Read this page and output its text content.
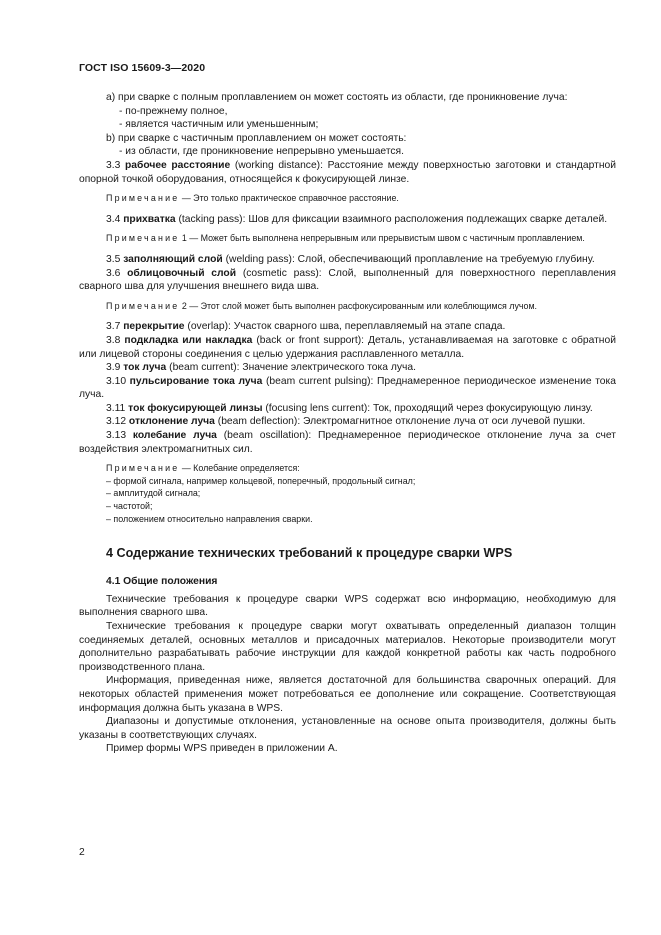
ГОСТ ISO 15609-3—2020

a) при сварке с полным проплавлением он может состоять из области, где проникновение луча:

- по-прежнему полное,

- является частичным или уменьшенным;

b) при сварке с частичным проплавлением он может состоять:

- из области, где проникновение непрерывно уменьшается.

3.3 рабочее расстояние (working distance): Расстояние между поверхностью заготовки и стандартной опорной точкой оборудования, относящейся к фокусирующей линзе.

Примечание — Это только практическое справочное расстояние.

3.4 прихватка (tacking pass): Шов для фиксации взаимного расположения подлежащих сварке деталей.

Примечание 1 — Может быть выполнена непрерывным или прерывистым швом с частичным проплавлением.

3.5 заполняющий слой (welding pass): Слой, обеспечивающий проплавление на требуемую глубину.

3.6 облицовочный слой (cosmetic pass): Слой, выполненный для поверхностного переплавления сварного шва для улучшения внешнего вида шва.

Примечание 2 — Этот слой может быть выполнен расфокусированным или колеблющимся лучом.

3.7 перекрытие (overlap): Участок сварного шва, переплавляемый на этапе спада.

3.8 подкладка или накладка (back or front support): Деталь, устанавливаемая на заготовке с обратной или лицевой стороны соединения с целью удержания расплавленного металла.

3.9 ток луча (beam current): Значение электрического тока луча.

3.10 пульсирование тока луча (beam current pulsing): Преднамеренное периодическое изменение тока луча.

3.11 ток фокусирующей линзы (focusing lens current): Ток, проходящий через фокусирующую линзу.

3.12 отклонение луча (beam deflection): Электромагнитное отклонение луча от оси лучевой пушки.

3.13 колебание луча (beam oscillation): Преднамеренное периодическое отклонение луча за счет воздействия электромагнитных сил.

Примечание — Колебание определяется:

– формой сигнала, например кольцевой, поперечный, продольный сигнал;

– амплитудой сигнала;

– частотой;

– положением относительно направления сварки.

4 Содержание технических требований к процедуре сварки WPS

4.1 Общие положения

Технические требования к процедуре сварки WPS содержат всю информацию, необходимую для выполнения сварного шва.

Технические требования к процедуре сварки могут охватывать определенный диапазон толщин соединяемых деталей, основных металлов и присадочных материалов. Некоторые производители могут дополнительно разрабатывать рабочие инструкции для каждой конкретной работы как часть подробного производственного плана.

Информация, приведенная ниже, является достаточной для большинства сварочных операций. Для некоторых областей применения может потребоваться ее дополнение или сокращение. Соответствующая информация должна быть указана в WPS.

Диапазоны и допустимые отклонения, установленные на основе опыта производителя, должны быть указаны в соответствующих случаях.

Пример формы WPS приведен в приложении А.

2
